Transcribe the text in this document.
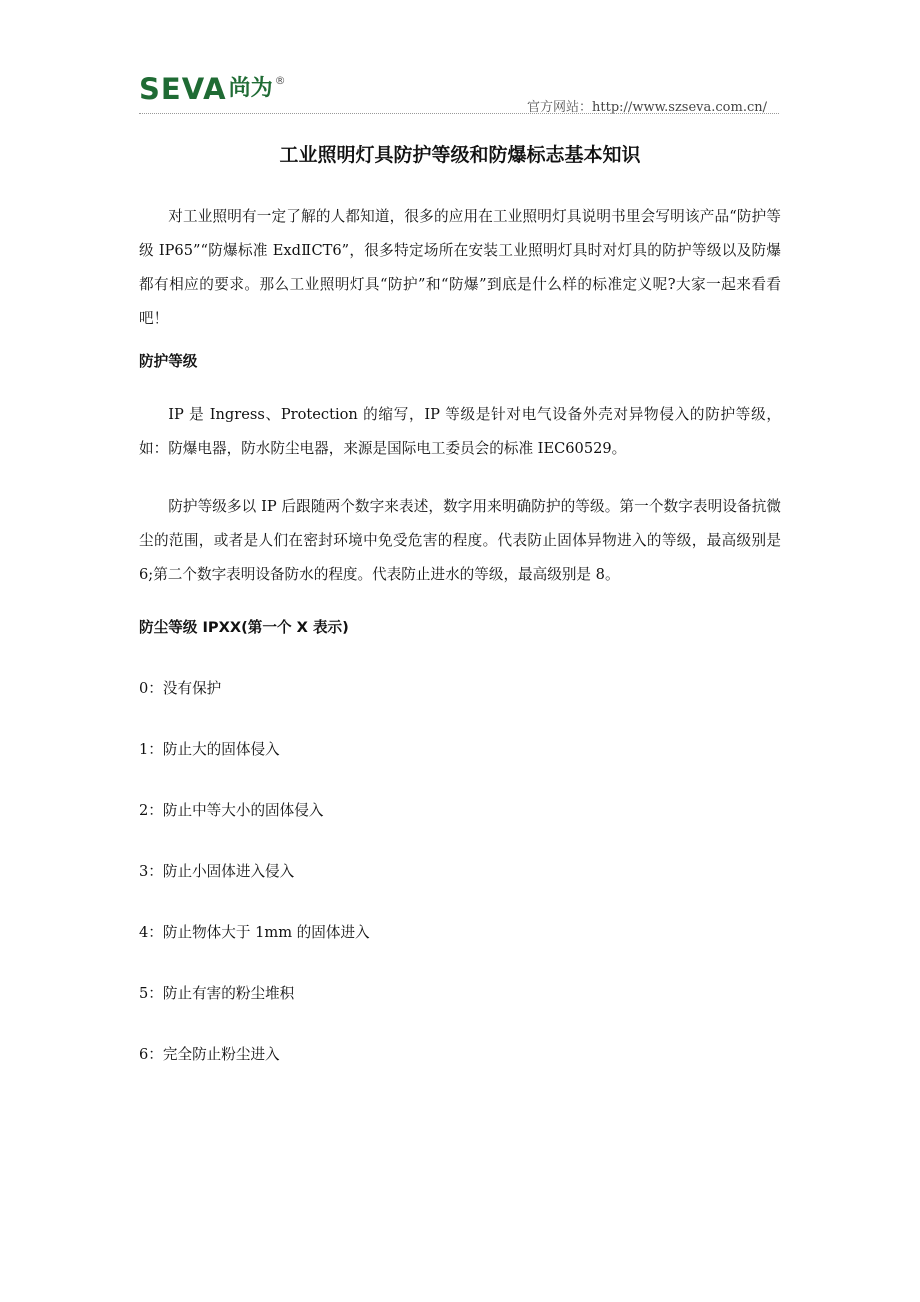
SEVA 尚为 ®
官方网站：http://www.szseva.com.cn/
工业照明灯具防护等级和防爆标志基本知识

对工业照明有一定了解的人都知道，很多的应用在工业照明灯具说明书里会写明该产品“防护等级 IP65”“防爆标准 ExdⅡCT6”，很多特定场所在安装工业照明灯具时对灯具的防护等级以及防爆都有相应的要求。那么工业照明灯具“防护”和“防爆”到底是什么样的标准定义呢?大家一起来看看吧！

防护等级

IP 是 Ingress、Protection 的缩写，IP 等级是针对电气设备外壳对异物侵入的防护等级，如：防爆电器，防水防尘电器，来源是国际电工委员会的标准 IEC60529。

防护等级多以 IP 后跟随两个数字来表述，数字用来明确防护的等级。第一个数字表明设备抗微尘的范围，或者是人们在密封环境中免受危害的程度。代表防止固体异物进入的等级，最高级别是 6;第二个数字表明设备防水的程度。代表防止进水的等级，最高级别是 8。

防尘等级 IPXX(第一个 X 表示)

0：没有保护

1：防止大的固体侵入

2：防止中等大小的固体侵入

3：防止小固体进入侵入

4：防止物体大于 1mm 的固体进入

5：防止有害的粉尘堆积

6：完全防止粉尘进入
